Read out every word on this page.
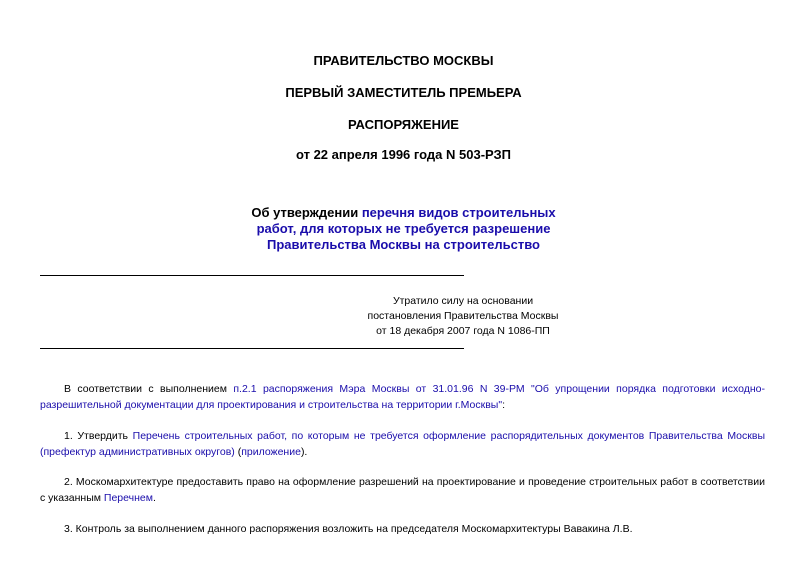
ПРАВИТЕЛЬСТВО МОСКВЫ

ПЕРВЫЙ ЗАМЕСТИТЕЛЬ ПРЕМЬЕРА

РАСПОРЯЖЕНИЕ

от 22 апреля 1996 года N 503-РЗП

Об утверждении перечня видов строительных
работ, для которых не требуется разрешение
Правительства Москвы на строительство
Утратило силу на основании
постановления Правительства Москвы
от 18 декабря 2007 года N 1086-ПП

В соответствии с выполнением п.2.1 распоряжения Мэра Москвы от 31.01.96 N 39-РМ "Об упрощении порядка подготовки исходно-разрешительной документации для проектирования и строительства на территории г.Москвы":

1. Утвердить Перечень строительных работ, по которым не требуется оформление распорядительных документов Правительства Москвы (префектур административных округов) (приложение).

2. Москомархитектуре предоставить право на оформление разрешений на проектирование и проведение строительных работ в соответствии с указанным Перечнем.

3. Контроль за выполнением данного распоряжения возложить на председателя Москомархитектуры Вавакина Л.В.
